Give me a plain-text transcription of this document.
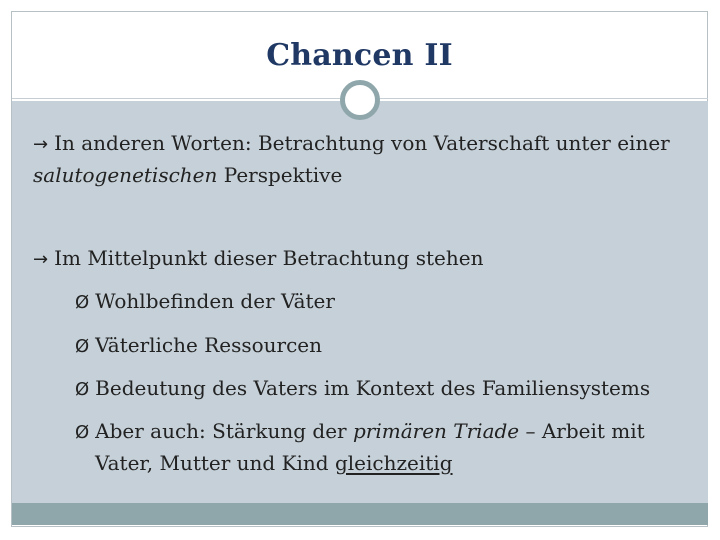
Chancen II
→ In anderen Worten: Betrachtung von Vaterschaft unter einer
salutogenetischen Perspektive
→ Im Mittelpunkt dieser Betrachtung stehen
Ø Wohlbefinden der Väter
Ø Väterliche Ressourcen
Ø Bedeutung des Vaters im Kontext des Familiensystems
Ø Aber auch: Stärkung der primären Triade – Arbeit mit
Vater, Mutter und Kind gleichzeitig
